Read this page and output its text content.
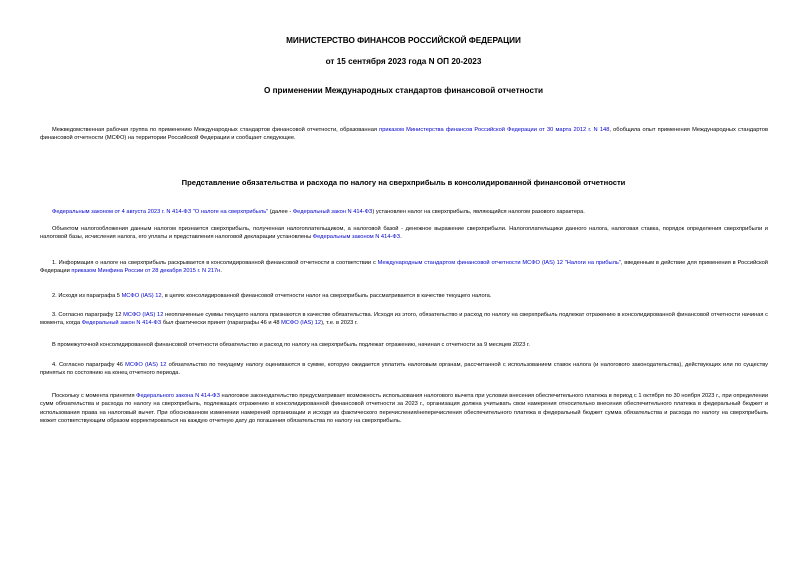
МИНИСТЕРСТВО ФИНАНСОВ РОССИЙСКОЙ ФЕДЕРАЦИИ
от 15 сентября 2023 года N ОП 20-2023
О применении Международных стандартов финансовой отчетности

Межведомственная рабочая группа по применению Международных стандартов финансовой отчетности, образованная приказом Министерства финансов Российской Федерации от 30 марта 2012 г. N 148, обобщила опыт применения Международных стандартов финансовой отчетности (МСФО) на территории Российской Федерации и сообщает следующее.

Представление обязательства и расхода по налогу на сверхприбыль в консолидированной финансовой отчетности

Федеральным законом от 4 августа 2023 г. N 414-ФЗ "О налоге на сверхприбыль" (далее - Федеральный закон N 414-ФЗ) установлен налог на сверхприбыль, являющийся налогом разового характера.

Объектом налогообложения данным налогом признается сверхприбыль, полученная налогоплательщиком, а налоговой базой - денежное выражение сверхприбыли. Налогоплательщики данного налога, налоговая ставка, порядок определения сверхприбыли и налоговой базы, исчисления налога, его уплаты и представления налоговой декларации установлены Федеральным законом N 414-ФЗ.

1. Информация о налоге на сверхприбыль раскрывается в консолидированной финансовой отчетности в соответствии с Международным стандартом финансовой отчетности МСФО (IAS) 12 "Налоги на прибыль", введенным в действие для применения в Российской Федерации приказом Минфина России от 28 декабря 2015 г. N 217н.

2. Исходя из параграфа 5 МСФО (IAS) 12, в целях консолидированной финансовой отчетности налог на сверхприбыль рассматривается в качестве текущего налога.

3. Согласно параграфу 12 МСФО (IAS) 12 неоплаченные суммы текущего налога признаются в качестве обязательства. Исходя из этого, обязательство и расход по налогу на сверхприбыль подлежат отражению в консолидированной финансовой отчетности начиная с момента, когда Федеральный закон N 414-ФЗ был фактически принят (параграфы 46 и 48 МСФО (IAS) 12), т.е. в 2023 г.

В промежуточной консолидированной финансовой отчетности обязательство и расход по налогу на сверхприбыль подлежат отражению, начиная с отчетности за 9 месяцев 2023 г.

4. Согласно параграфу 46 МСФО (IAS) 12 обязательство по текущему налогу оцениваются в сумме, которую ожидается уплатить налоговым органам, рассчитанной с использованием ставок налога (и налогового законодательства), действующих или по существу принятых по состоянию на конец отчетного периода.

Поскольку с момента принятия Федерального закона N 414-ФЗ налоговое законодательство предусматривает возможность использования налогового вычета при условии внесения обеспечительного платежа в период с 1 октября по 30 ноября 2023 г., при определении сумм обязательства и расхода по налогу на сверхприбыль, подлежащих отражению в консолидированной финансовой отчетности за 2023 г., организация должна учитывать свои намерения относительно внесения обеспечительного платежа в федеральный бюджет и использования права на налоговый вычет. При обоснованном изменении намерений организации и исходя из фактического перечисления/неперечисления обеспечительного платежа в федеральный бюджет сумма обязательства и расхода по налогу на сверхприбыль может соответствующим образом корректироваться на каждую отчетную дату до погашения обязательства по налогу на сверхприбыль.
